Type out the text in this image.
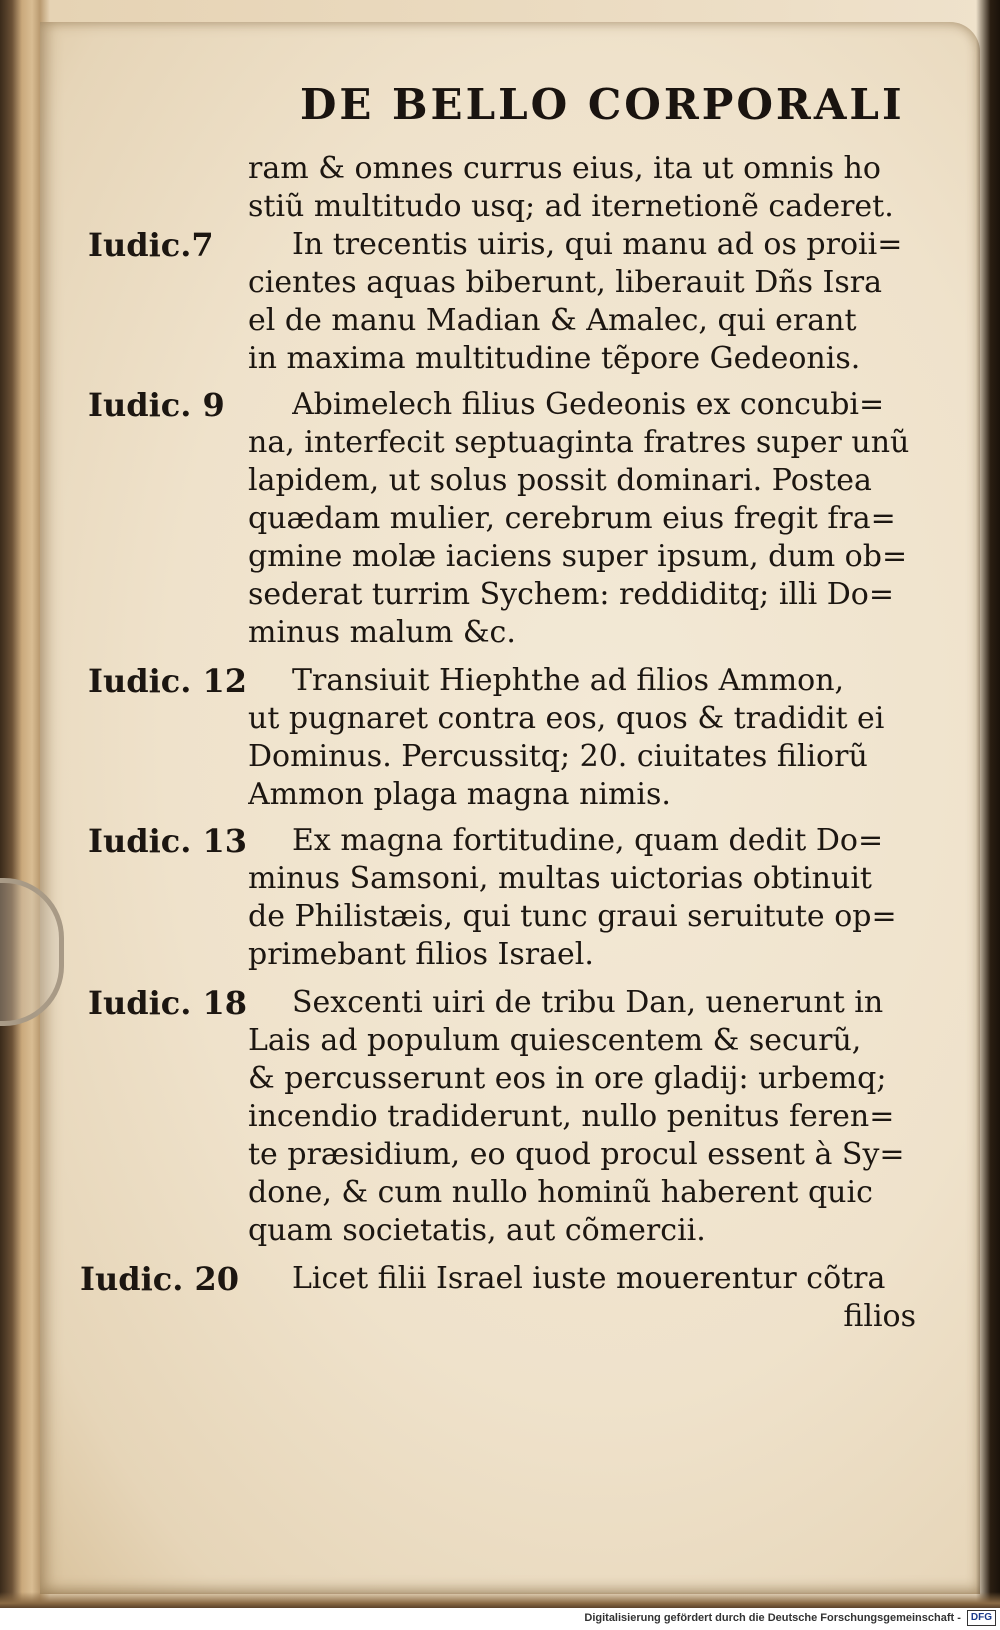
DE BELLO CORPORALI
ram & omnes currus eius, ita ut omnis ho
stiũ multitudo usq; ad iternetionẽ caderet.
Iudic.7	In trecentis uiris, qui manu ad os proii=
cientes aquas biberunt, liberauit Dñs Isra
el de manu Madian & Amalec, qui erant
in maxima multitudine tẽpore Gedeonis.
Iudic. 9 Abimelech filius Gedeonis ex concubi=
na, interfecit septuaginta fratres super unũ
lapidem, ut solus possit dominari. Postea
quædam mulier, cerebrum eius fregit fra=
gmine molæ iaciens super ipsum, dum ob=
sederat turrim Sychem: reddiditq; illi Do=
minus malum &c.
Iudic. 12 Transiuit Hiephthe ad filios Ammon,
ut pugnaret contra eos, quos & tradidit ei
Dominus. Percussitq; 20. ciuitates filiorũ
Ammon plaga magna nimis.
Iudic. 13 Ex magna fortitudine, quam dedit Do=
minus Samsoni, multas uictorias obtinuit
de Philistæis, qui tunc graui seruitute op=
primebant filios Israel.
Iudic. 18 Sexcenti uiri de tribu Dan, uenerunt in
Lais ad populum quiescentem & securũ,
& percusserunt eos in ore gladij: urbemq;
incendio tradiderunt, nullo penitus feren=
te præsidium, eo quod procul essent à Sy=
done, & cum nullo hominũ haberent quic
quam societatis, aut cõmercii.
Iudic. 20 Licet filii Israel iuste mouerentur cõtra
filios
Digitalisierung gefördert durch die Deutsche Forschungsgemeinschaft -	DFG
